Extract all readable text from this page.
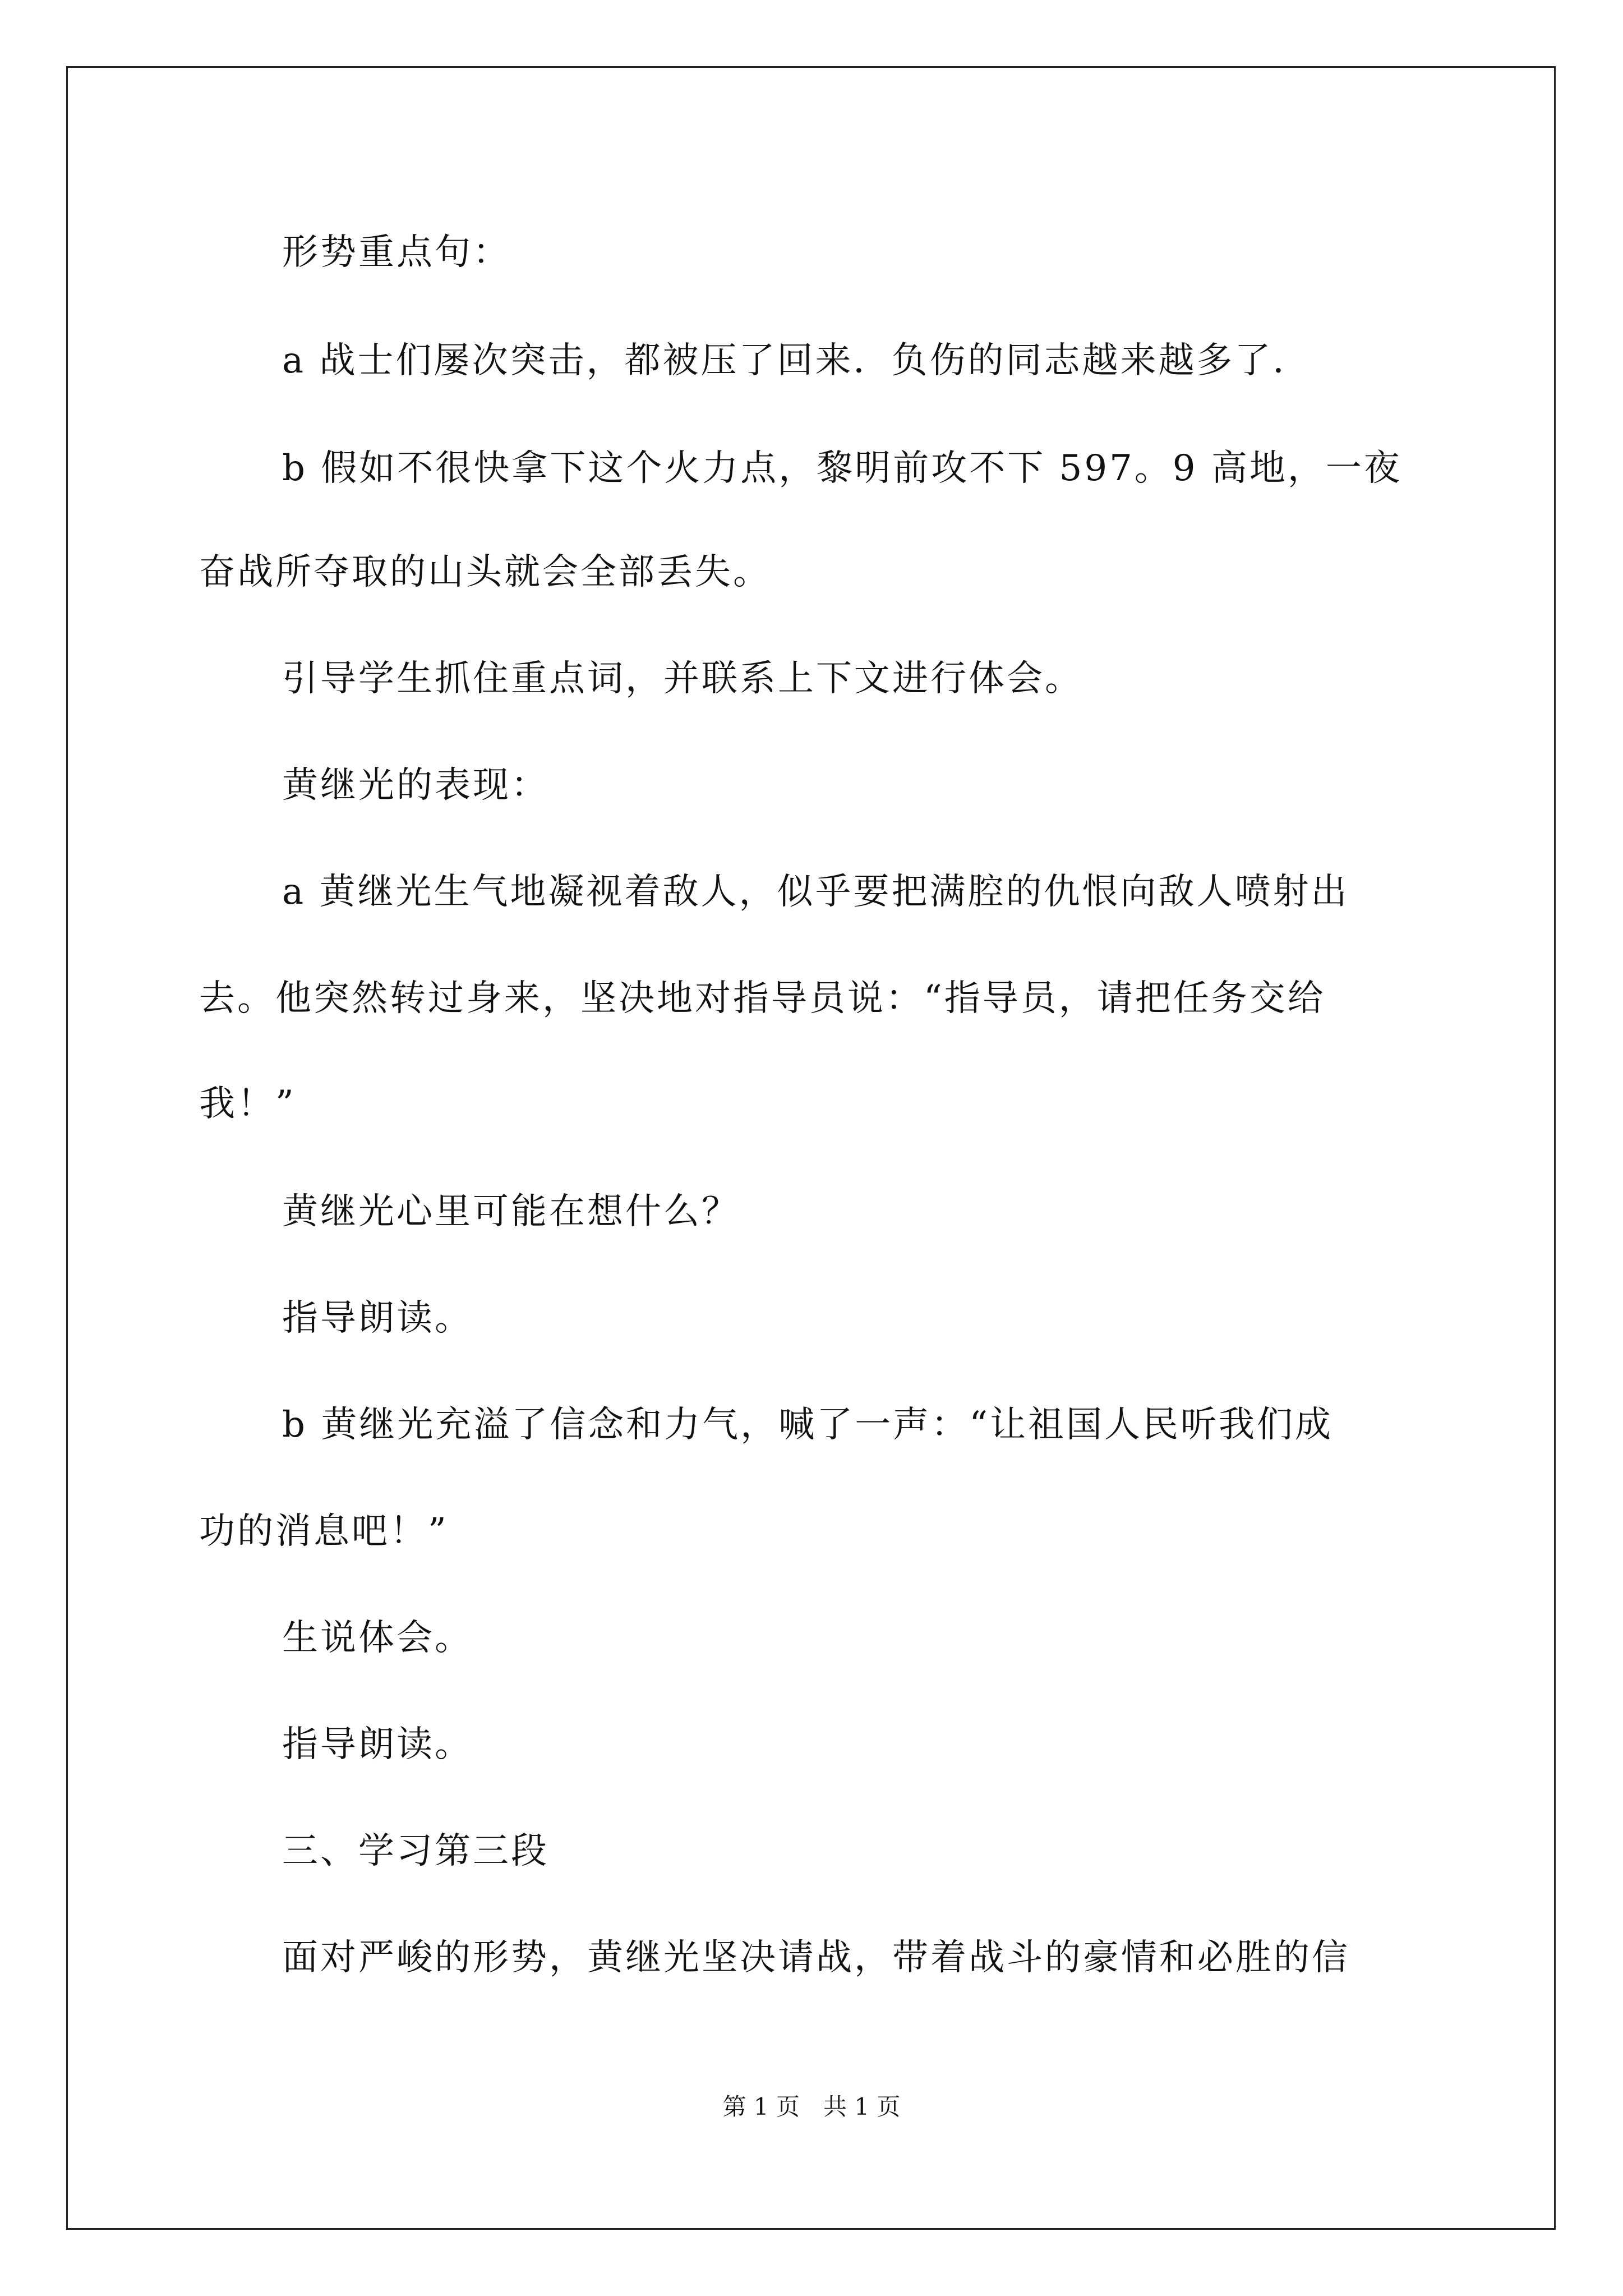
形势重点句：
a 战士们屡次突击，都被压了回来．负伤的同志越来越多了．
b 假如不很快拿下这个火力点，黎明前攻不下 597。9 高地，一夜
奋战所夺取的山头就会全部丢失。
引导学生抓住重点词，并联系上下文进行体会。
黄继光的表现：
a 黄继光生气地凝视着敌人，似乎要把满腔的仇恨向敌人喷射出
去。他突然转过身来，坚决地对指导员说：“指导员，请把任务交给
我！”
黄继光心里可能在想什么？
指导朗读。
b 黄继光充溢了信念和力气，喊了一声：“让祖国人民听我们成
功的消息吧！”
生说体会。
指导朗读。
三、学习第三段
面对严峻的形势，黄继光坚决请战，带着战斗的豪情和必胜的信
第 1 页　共 1 页
